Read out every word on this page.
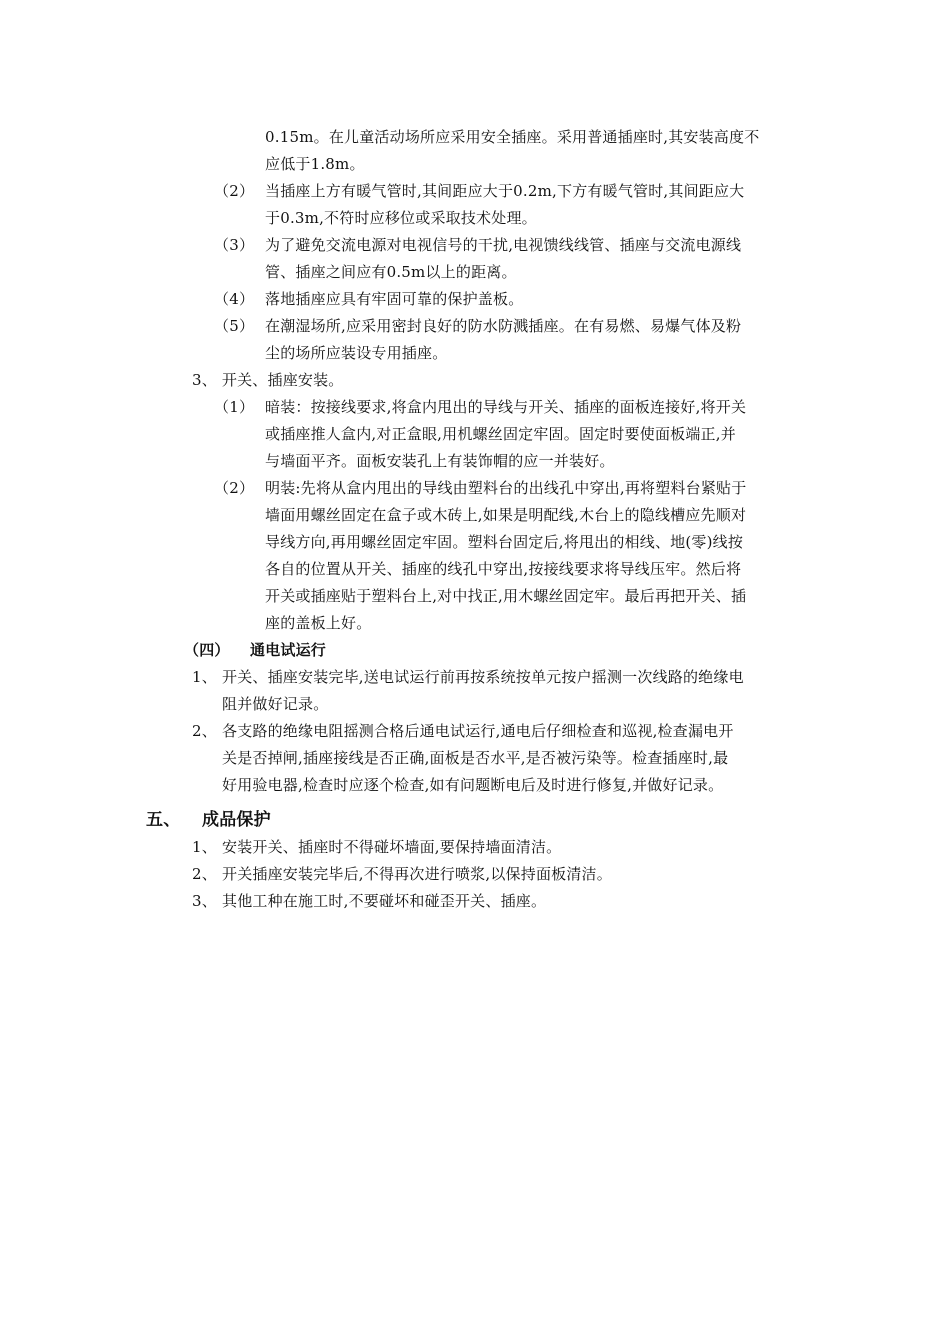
0.15m。在儿童活动场所应采用安全插座。采用普通插座时,其安装高度不
应低于1.8m。
（2） 当插座上方有暖气管时,其间距应大于0.2m,下方有暖气管时,其间距应大
于0.3m,不符时应移位或采取技术处理。
（3） 为了避免交流电源对电视信号的干扰,电视馈线线管、插座与交流电源线
管、插座之间应有0.5m以上的距离。
（4） 落地插座应具有牢固可靠的保护盖板。
（5） 在潮湿场所,应采用密封良好的防水防溅插座。在有易燃、易爆气体及粉
尘的场所应装设专用插座。
3、 开关、插座安装。
（1） 暗装：按接线要求,将盒内甩出的导线与开关、插座的面板连接好,将开关
或插座推人盒内,对正盒眼,用机螺丝固定牢固。固定时要使面板端正,并
与墙面平齐。面板安装孔上有装饰帽的应一并装好。
（2） 明装:先将从盒内甩出的导线由塑料台的出线孔中穿出,再将塑料台紧贴于
墙面用螺丝固定在盒子或木砖上,如果是明配线,木台上的隐线槽应先顺对
导线方向,再用螺丝固定牢固。塑料台固定后,将甩出的相线、地(零)线按
各自的位置从开关、插座的线孔中穿出,按接线要求将导线压牢。然后将
开关或插座贴于塑料台上,对中找正,用木螺丝固定牢。最后再把开关、插
座的盖板上好。
（四） 通电试运行
1、 开关、插座安装完毕,送电试运行前再按系统按单元按户摇测一次线路的绝缘电
阻并做好记录。
2、 各支路的绝缘电阻摇测合格后通电试运行,通电后仔细检查和巡视,检查漏电开
关是否掉闸,插座接线是否正确,面板是否水平,是否被污染等。检查插座时,最
好用验电器,检查时应逐个检查,如有问题断电后及时进行修复,并做好记录。
五、 成品保护
1、 安装开关、插座时不得碰坏墙面,要保持墙面清洁。
2、 开关插座安装完毕后,不得再次进行喷浆,以保持面板清洁。
3、 其他工种在施工时,不要碰坏和碰歪开关、插座。
